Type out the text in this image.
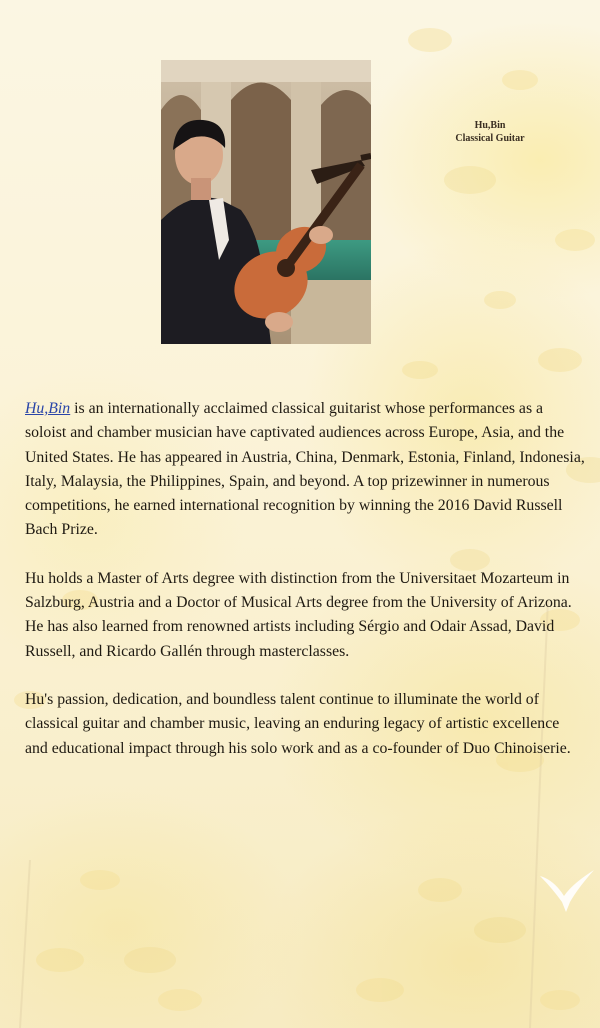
Hu,Bin
Classical Guitar

Hu,Bin is an internationally acclaimed classical guitarist whose performances as a soloist and chamber musician have captivated audiences across Europe, Asia, and the United States. He has appeared in Austria, China, Denmark, Estonia, Finland, Indonesia, Italy, Malaysia, the Philippines, Spain, and beyond. A top prizewinner in numerous competitions, he earned international recognition by winning the 2016 David Russell Bach Prize.

Hu holds a Master of Arts degree with distinction from the Universitaet Mozarteum in Salzburg, Austria and a Doctor of Musical Arts degree from the University of Arizona. He has also learned from renowned artists including Sérgio and Odair Assad, David Russell, and Ricardo Gallén through masterclasses.

Hu's passion, dedication, and boundless talent continue to illuminate the world of classical guitar and chamber music, leaving an enduring legacy of artistic excellence and educational impact through his solo work and as a co-founder of Duo Chinoiserie.
